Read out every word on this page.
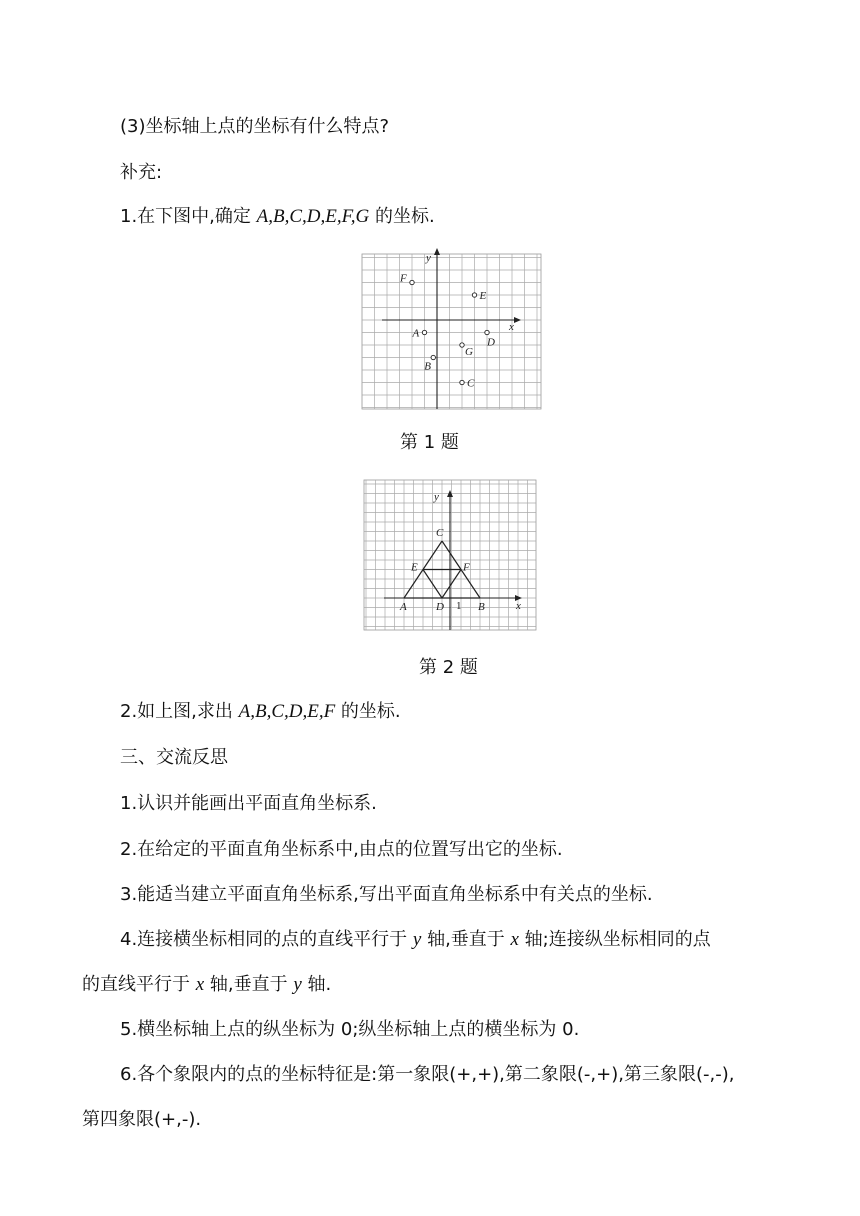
(3)坐标轴上点的坐标有什么特点?
补充:
1.在下图中,确定 A,B,C,D,E,F,G 的坐标.
x
y
A
B
C
D
E
F
G
第 1 题
x
y
1
A	B
C
D
E	F
第 2 题
2.如上图,求出 A,B,C,D,E,F 的坐标.
三、交流反思
1.认识并能画出平面直角坐标系.
2.在给定的平面直角坐标系中,由点的位置写出它的坐标.
3.能适当建立平面直角坐标系,写出平面直角坐标系中有关点的坐标.
4.连接横坐标相同的点的直线平行于 y 轴,垂直于 x 轴;连接纵坐标相同的点
的直线平行于 x 轴,垂直于 y 轴.
5.横坐标轴上点的纵坐标为 0;纵坐标轴上点的横坐标为 0.
6.各个象限内的点的坐标特征是:第一象限(+,+),第二象限(-,+),第三象限(-,-),
第四象限(+,-).
